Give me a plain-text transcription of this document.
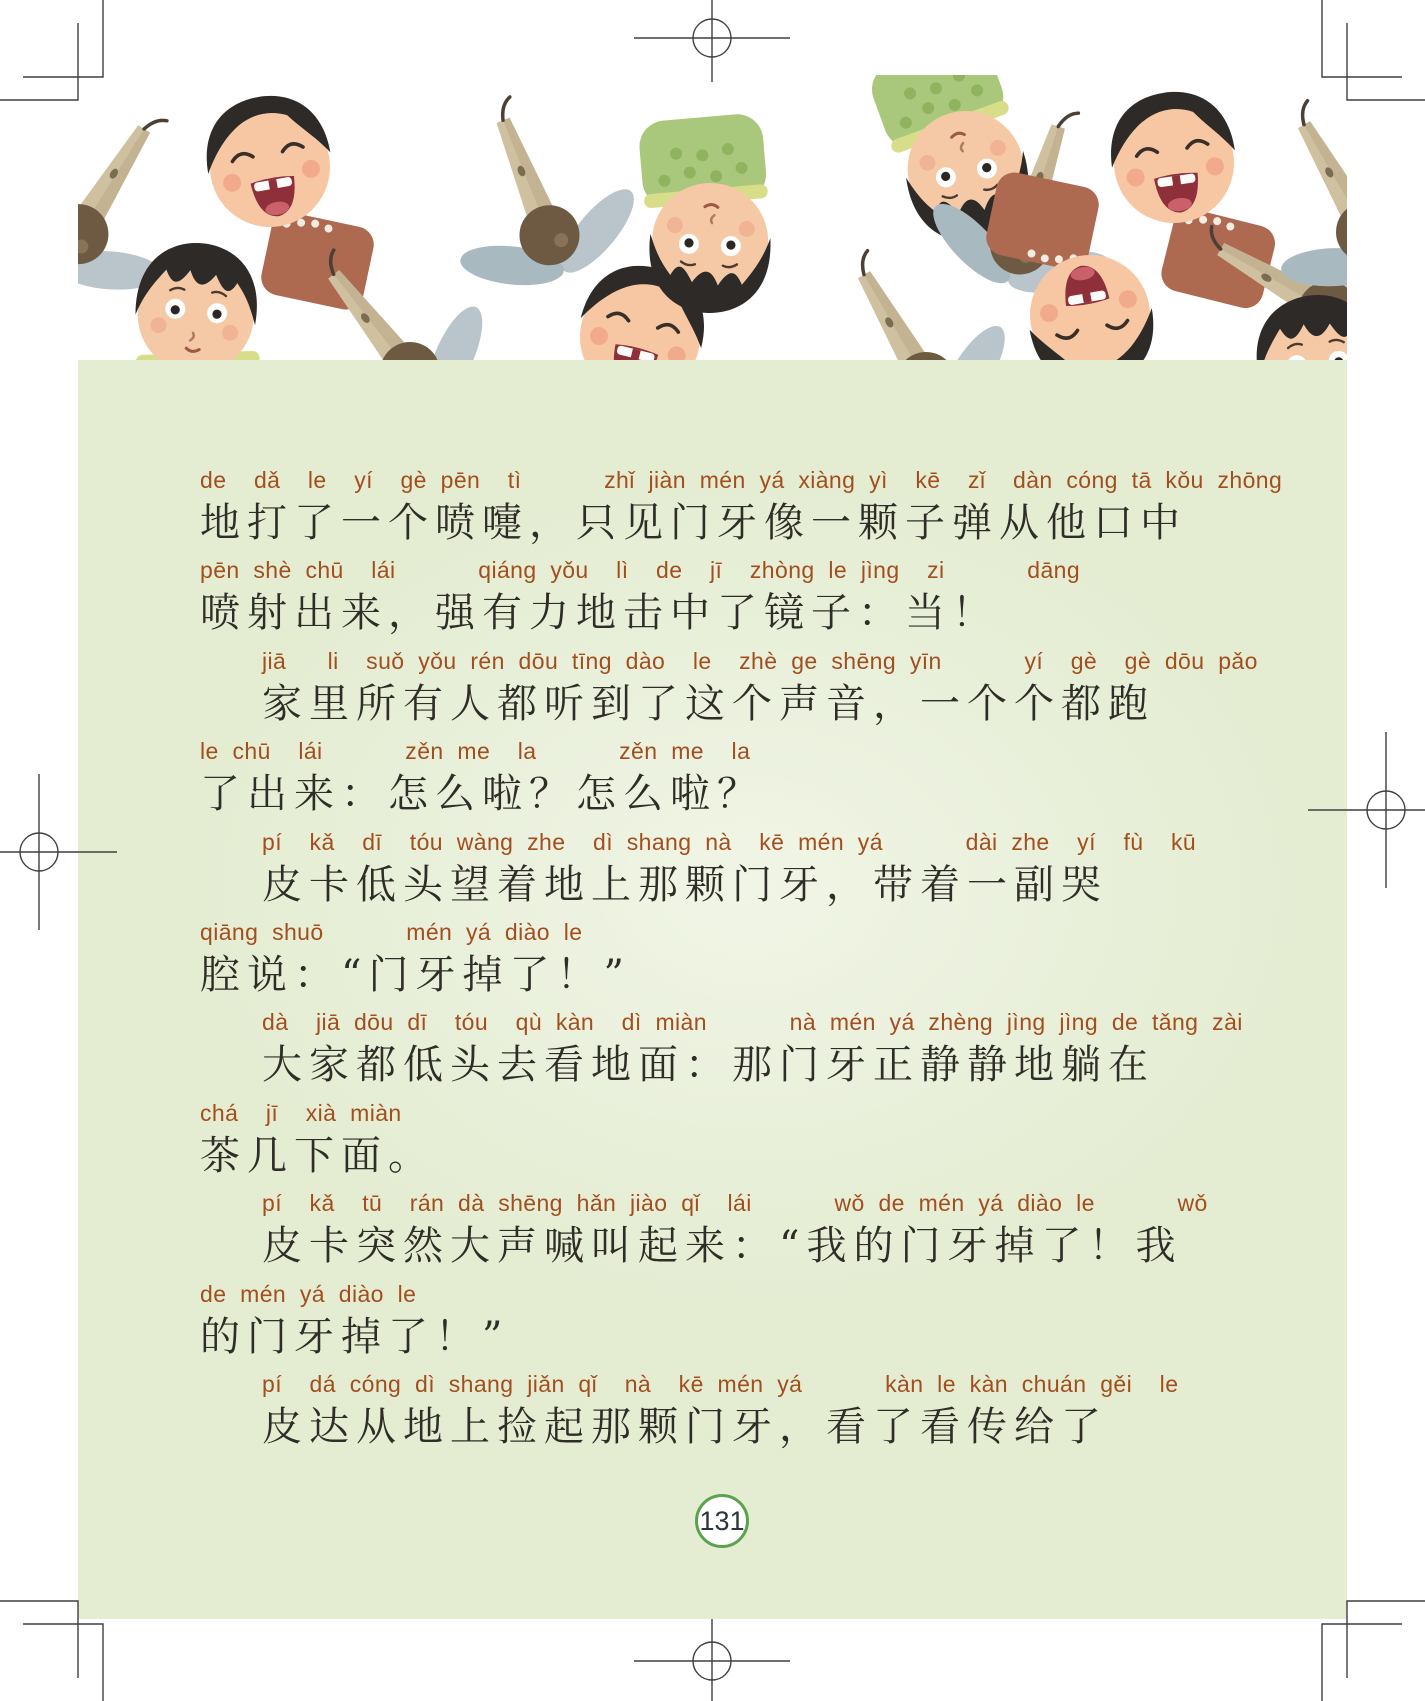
de  dǎ  le  yí  gè pēn  tì      zhǐ jiàn mén yá xiàng yì  kē  zǐ  dàn cóng tā kǒu zhōng
地打了一个喷嚏，只见门牙像一颗子弹从他口中
pēn shè chū  lái      qiáng yǒu  lì  de  jī  zhòng le jìng  zi      dāng
喷射出来，强有力地击中了镜子：当！
jiā   li  suǒ yǒu rén dōu tīng dào  le  zhè ge shēng yīn      yí  gè  gè dōu pǎo
家里所有人都听到了这个声音，一个个都跑
le chū  lái      zěn me  la      zěn me  la
了出来：怎么啦？怎么啦？
pí  kǎ  dī  tóu wàng zhe  dì shang nà  kē mén yá      dài zhe  yí  fù  kū
皮卡低头望着地上那颗门牙，带着一副哭
qiāng shuō      mén yá diào le
腔说：“门牙掉了！”
dà  jiā dōu dī  tóu  qù kàn  dì miàn      nà mén yá zhèng jìng jìng de tǎng zài
大家都低头去看地面：那门牙正静静地躺在
chá  jī  xià miàn
茶几下面。
pí  kǎ  tū  rán dà shēng hǎn jiào qǐ  lái      wǒ de mén yá diào le      wǒ
皮卡突然大声喊叫起来：“我的门牙掉了！我
de mén yá diào le
的门牙掉了！”
pí  dá cóng dì shang jiǎn qǐ  nà  kē mén yá      kàn le kàn chuán gěi  le
皮达从地上捡起那颗门牙，看了看传给了
131
